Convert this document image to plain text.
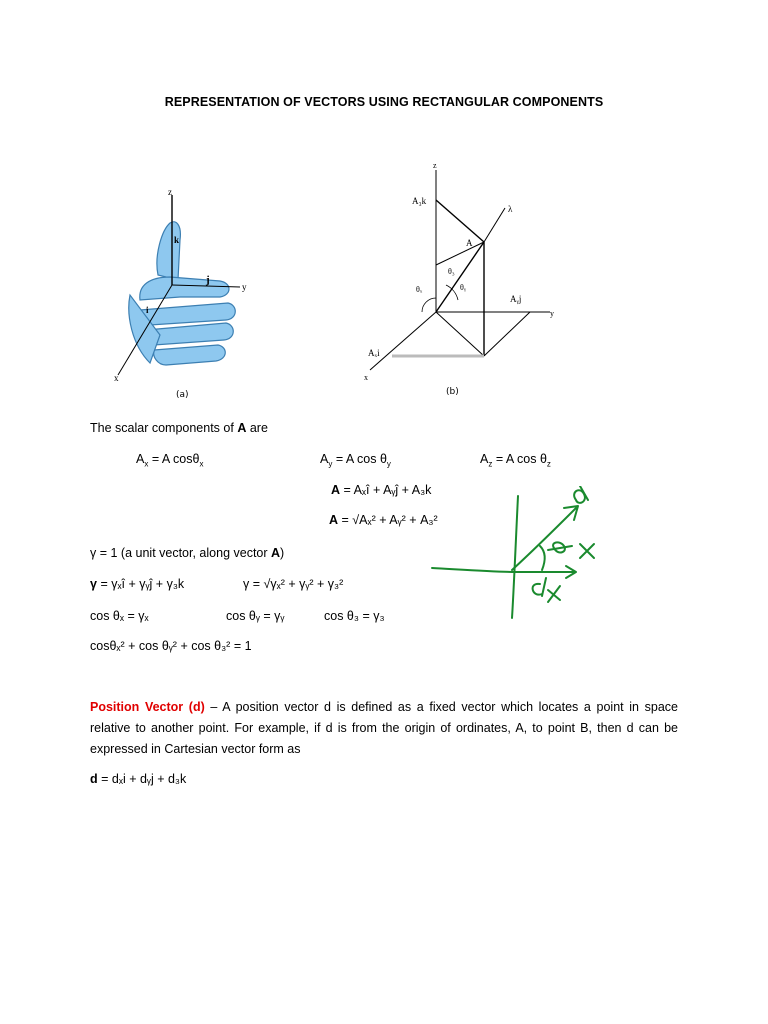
REPRESENTATION OF VECTORS USING RECTANGULAR COMPONENTS
z
y
x
j
k
i
(a)
z
y
x
A₃k
Aᵧj
Aₓi
A
λ
θ₃
θᵧ
θₓ
(b)
The scalar components of A are
$A_x = A$ cosθ$_x$	$A_y = A$ $\cos \theta_y$	$A_z = A$ $\cos \theta_z$
A = Aₓî + Aᵧĵ + A₃k
A = √Aₓ² + Aᵧ² + A₃²
γ = 1 (a unit vector, along vector A)
γ = γₓî + γᵧĵ + γ₃k	γ = √γₓ² + γᵧ² + γ₃²
cos θₓ = γₓ	cos θᵧ = γᵧ	cos θ₃ = γ₃
cosθₓ² + cos θᵧ² + cos θ₃² = 1
Position Vector (d) – A position vector d is defined as a fixed vector which locates a point in space relative to another point. For example, if d is from the origin of ordinates, A, to point B, then d can be expressed in Cartesian vector form as
d = dₓi + dᵧj + d₃k
